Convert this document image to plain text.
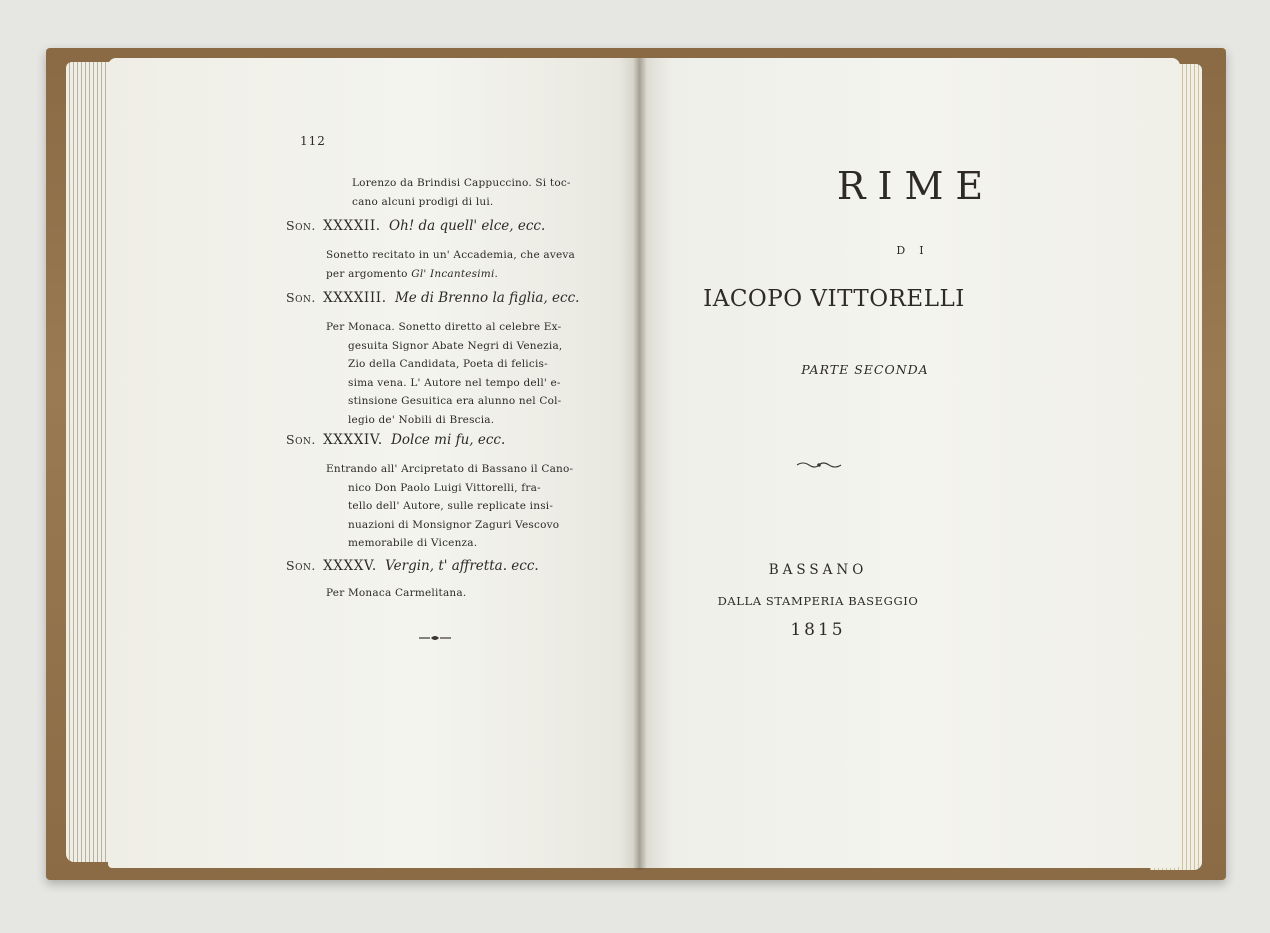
112
Lorenzo da Brindisi Cappuccino. Si toc-
cano alcuni prodigi di lui.
Son. XXXXII. Oh! da quell' elce, ecc.
Sonetto recitato in un' Accademia, che aveva
per argomento Gl' Incantesimi.
Son. XXXXIII. Me di Brenno la figlia, ecc.
Per Monaca. Sonetto diretto al celebre Ex-
gesuita Signor Abate Negri di Venezia,
Zio della Candidata, Poeta di felicis-
sima vena. L' Autore nel tempo dell' e-
stinsione Gesuitica era alunno nel Col-
legio de' Nobili di Brescia.
Son. XXXXIV. Dolce mi fu, ecc.
Entrando all' Arcipretato di Bassano il Cano-
nico Don Paolo Luigi Vittorelli, fra-
tello dell' Autore, sulle replicate insi-
nuazioni di Monsignor Zaguri Vescovo
memorabile di Vicenza.
Son. XXXXV. Vergin, t' affretta. ecc.
Per Monaca Carmelitana.
RIME
DI
IACOPO VITTORELLI
PARTE SECONDA
BASSANO
DALLA STAMPERIA BASEGGIO
1815
